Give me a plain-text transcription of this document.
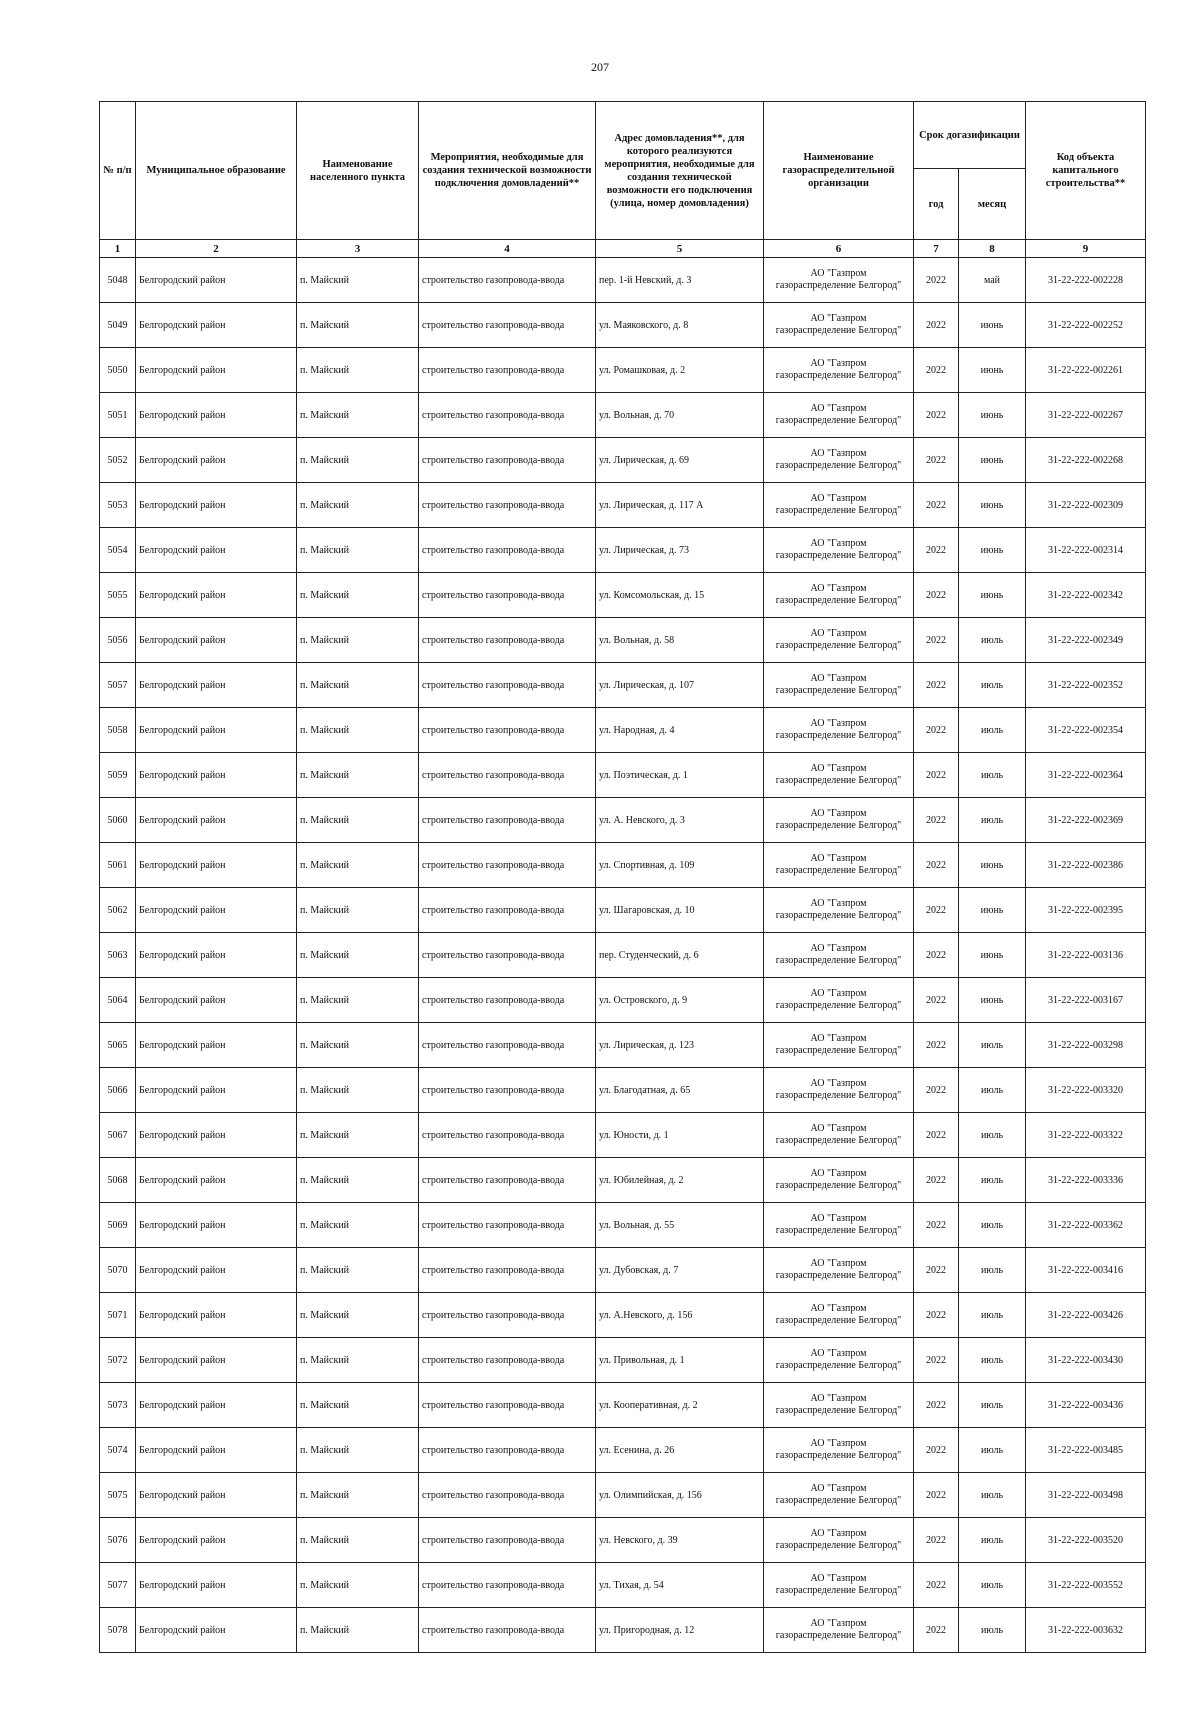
207
№ п/п	Муниципальное образование	Наименование населенного пункта	Мероприятия, необходимые для создания технической возможности подключения домовладений**	Адрес домовладения**, для которого реализуются мероприятия, необходимые для создания технической возможности его подключения (улица, номер домовладения)	Наименование газораспределительной организации	Срок догазификации		Код объекта капитального строительства**
						год	месяц	
1	2	3	4	5	6	7	8	9
5048	Белгородский район	п. Майский	строительство газопровода-ввода	пер. 1-й Невский, д. 3	АО "Газпром
газораспределение Белгород"	2022	май	31-22-222-002228
5049	Белгородский район	п. Майский	строительство газопровода-ввода	ул. Маяковского, д. 8	АО "Газпром
газораспределение Белгород"	2022	июнь	31-22-222-002252
5050	Белгородский район	п. Майский	строительство газопровода-ввода	ул. Ромашковая, д. 2	АО "Газпром
газораспределение Белгород"	2022	июнь	31-22-222-002261
5051	Белгородский район	п. Майский	строительство газопровода-ввода	ул. Вольная, д. 70	АО "Газпром
газораспределение Белгород"	2022	июнь	31-22-222-002267
5052	Белгородский район	п. Майский	строительство газопровода-ввода	ул. Лирическая, д. 69	АО "Газпром
газораспределение Белгород"	2022	июнь	31-22-222-002268
5053	Белгородский район	п. Майский	строительство газопровода-ввода	ул. Лирическая, д. 117 А	АО "Газпром
газораспределение Белгород"	2022	июнь	31-22-222-002309
5054	Белгородский район	п. Майский	строительство газопровода-ввода	ул. Лирическая, д. 73	АО "Газпром
газораспределение Белгород"	2022	июнь	31-22-222-002314
5055	Белгородский район	п. Майский	строительство газопровода-ввода	ул. Комсомольская, д. 15	АО "Газпром
газораспределение Белгород"	2022	июнь	31-22-222-002342
5056	Белгородский район	п. Майский	строительство газопровода-ввода	ул. Вольная, д. 58	АО "Газпром
газораспределение Белгород"	2022	июль	31-22-222-002349
5057	Белгородский район	п. Майский	строительство газопровода-ввода	ул. Лирическая, д. 107	АО "Газпром
газораспределение Белгород"	2022	июль	31-22-222-002352
5058	Белгородский район	п. Майский	строительство газопровода-ввода	ул. Народная, д. 4	АО "Газпром
газораспределение Белгород"	2022	июль	31-22-222-002354
5059	Белгородский район	п. Майский	строительство газопровода-ввода	ул. Поэтическая, д. 1	АО "Газпром
газораспределение Белгород"	2022	июль	31-22-222-002364
5060	Белгородский район	п. Майский	строительство газопровода-ввода	ул. А. Невского, д. 3	АО "Газпром
газораспределение Белгород"	2022	июль	31-22-222-002369
5061	Белгородский район	п. Майский	строительство газопровода-ввода	ул. Спортивная, д. 109	АО "Газпром
газораспределение Белгород"	2022	июнь	31-22-222-002386
5062	Белгородский район	п. Майский	строительство газопровода-ввода	ул. Шагаровская, д. 10	АО "Газпром
газораспределение Белгород"	2022	июнь	31-22-222-002395
5063	Белгородский район	п. Майский	строительство газопровода-ввода	пер. Студенческий, д. 6	АО "Газпром
газораспределение Белгород"	2022	июнь	31-22-222-003136
5064	Белгородский район	п. Майский	строительство газопровода-ввода	ул. Островского, д. 9	АО "Газпром
газораспределение Белгород"	2022	июнь	31-22-222-003167
5065	Белгородский район	п. Майский	строительство газопровода-ввода	ул. Лирическая, д. 123	АО "Газпром
газораспределение Белгород"	2022	июль	31-22-222-003298
5066	Белгородский район	п. Майский	строительство газопровода-ввода	ул. Благодатная, д. 65	АО "Газпром
газораспределение Белгород"	2022	июль	31-22-222-003320
5067	Белгородский район	п. Майский	строительство газопровода-ввода	ул. Юности, д. 1	АО "Газпром
газораспределение Белгород"	2022	июль	31-22-222-003322
5068	Белгородский район	п. Майский	строительство газопровода-ввода	ул. Юбилейная, д. 2	АО "Газпром
газораспределение Белгород"	2022	июль	31-22-222-003336
5069	Белгородский район	п. Майский	строительство газопровода-ввода	ул. Вольная, д. 55	АО "Газпром
газораспределение Белгород"	2022	июль	31-22-222-003362
5070	Белгородский район	п. Майский	строительство газопровода-ввода	ул. Дубовская, д. 7	АО "Газпром
газораспределение Белгород"	2022	июль	31-22-222-003416
5071	Белгородский район	п. Майский	строительство газопровода-ввода	ул. А.Невского, д. 156	АО "Газпром
газораспределение Белгород"	2022	июль	31-22-222-003426
5072	Белгородский район	п. Майский	строительство газопровода-ввода	ул. Привольная, д. 1	АО "Газпром
газораспределение Белгород"	2022	июль	31-22-222-003430
5073	Белгородский район	п. Майский	строительство газопровода-ввода	ул. Кооперативная, д. 2	АО "Газпром
газораспределение Белгород"	2022	июль	31-22-222-003436
5074	Белгородский район	п. Майский	строительство газопровода-ввода	ул. Есенина, д. 26	АО "Газпром
газораспределение Белгород"	2022	июль	31-22-222-003485
5075	Белгородский район	п. Майский	строительство газопровода-ввода	ул. Олимпийская, д. 156	АО "Газпром
газораспределение Белгород"	2022	июль	31-22-222-003498
5076	Белгородский район	п. Майский	строительство газопровода-ввода	ул. Невского, д. 39	АО "Газпром
газораспределение Белгород"	2022	июль	31-22-222-003520
5077	Белгородский район	п. Майский	строительство газопровода-ввода	ул. Тихая, д. 54	АО "Газпром
газораспределение Белгород"	2022	июль	31-22-222-003552
5078	Белгородский район	п. Майский	строительство газопровода-ввода	ул. Пригородная, д. 12	АО "Газпром
газораспределение Белгород"	2022	июль	31-22-222-003632
